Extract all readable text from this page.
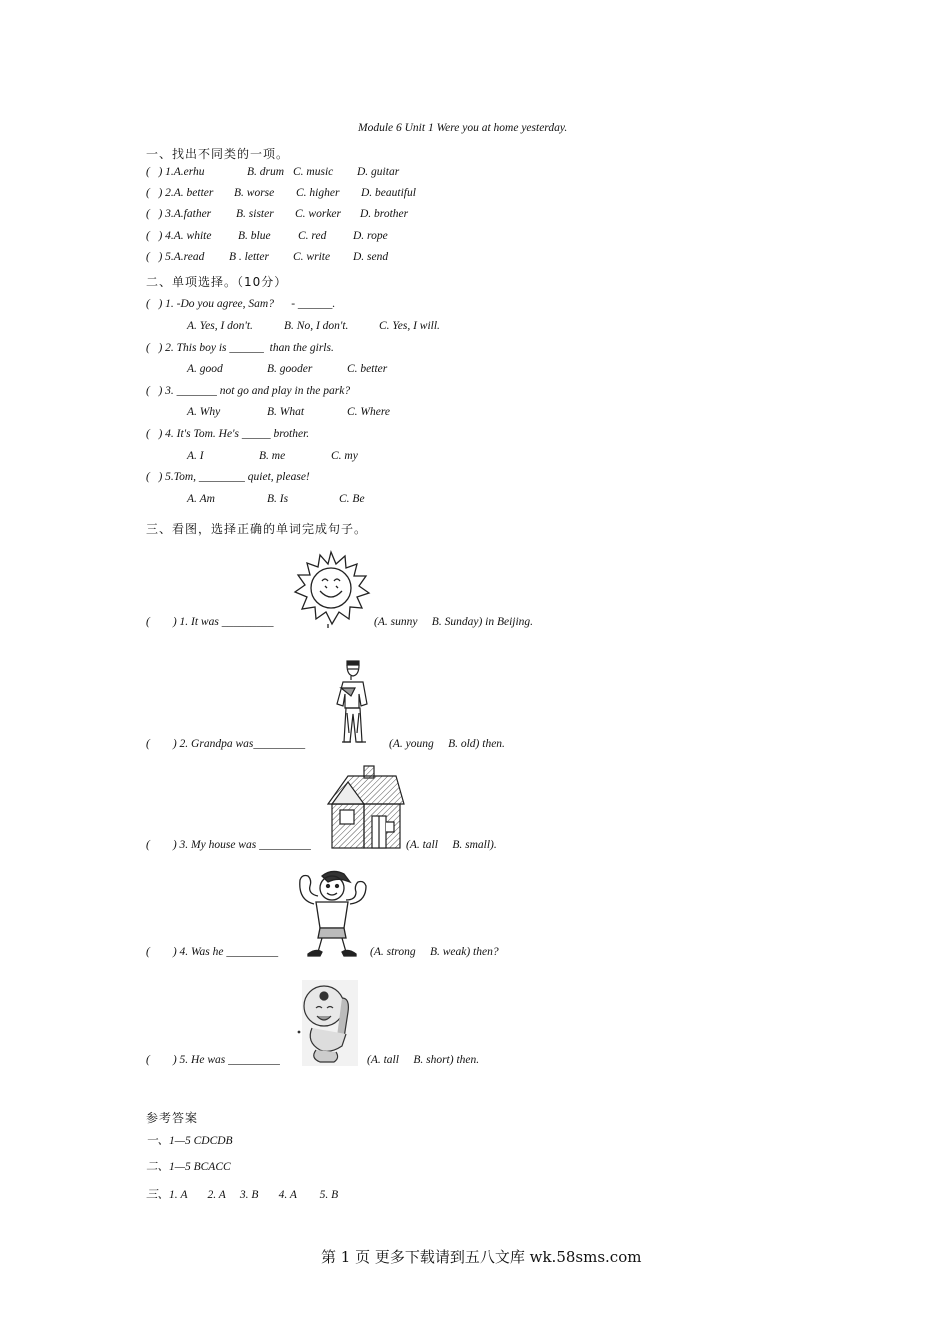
Module 6 Unit 1 Were you at home yesterday.
一、找出不同类的一项。
(   ) 1.A.erhu	B. drum C. music D. guitar
(   ) 2.A. better B. worse C. higher D. beautiful
(   ) 3.A.father B. sister C. worker D. brother
(   ) 4.A. white B. blue C. red D. rope
(   ) 5.A.read B . letter C. write D. send
二、单项选择。（10分）
(   ) 1. -Do you agree, Sam?      - ______.
A. Yes, I don't.	B. No, I don't.	C. Yes, I will.
(   ) 2. This boy is ______  than the girls.
A. good	B. gooder	C. better
(   ) 3. _______ not go and play in the park?
A. Why	B. What	C. Where
(   ) 4. It's Tom. He's _____ brother.
A. I	B. me	C. my
(   ) 5.Tom, ________ quiet, please!
A. Am	B. Is	C. Be
三、看图，选择正确的单词完成句子。
(        ) 1. It was _________	(A. sunny     B. Sunday) in Beijing.
(        ) 2. Grandpa was_________	(A. young     B. old) then.
(        ) 3. My house was _________	(A. tall     B. small).
(        ) 4. Was he _________	(A. strong     B. weak) then?
(        ) 5. He was _________	(A. tall     B. short) then.
参考答案
一、1—5 CDCDB
二、1—5 BCACC
三、1. A       2. A     3. B       4. A        5. B
第 1 页 更多下载请到五八文库 wk.58sms.com
